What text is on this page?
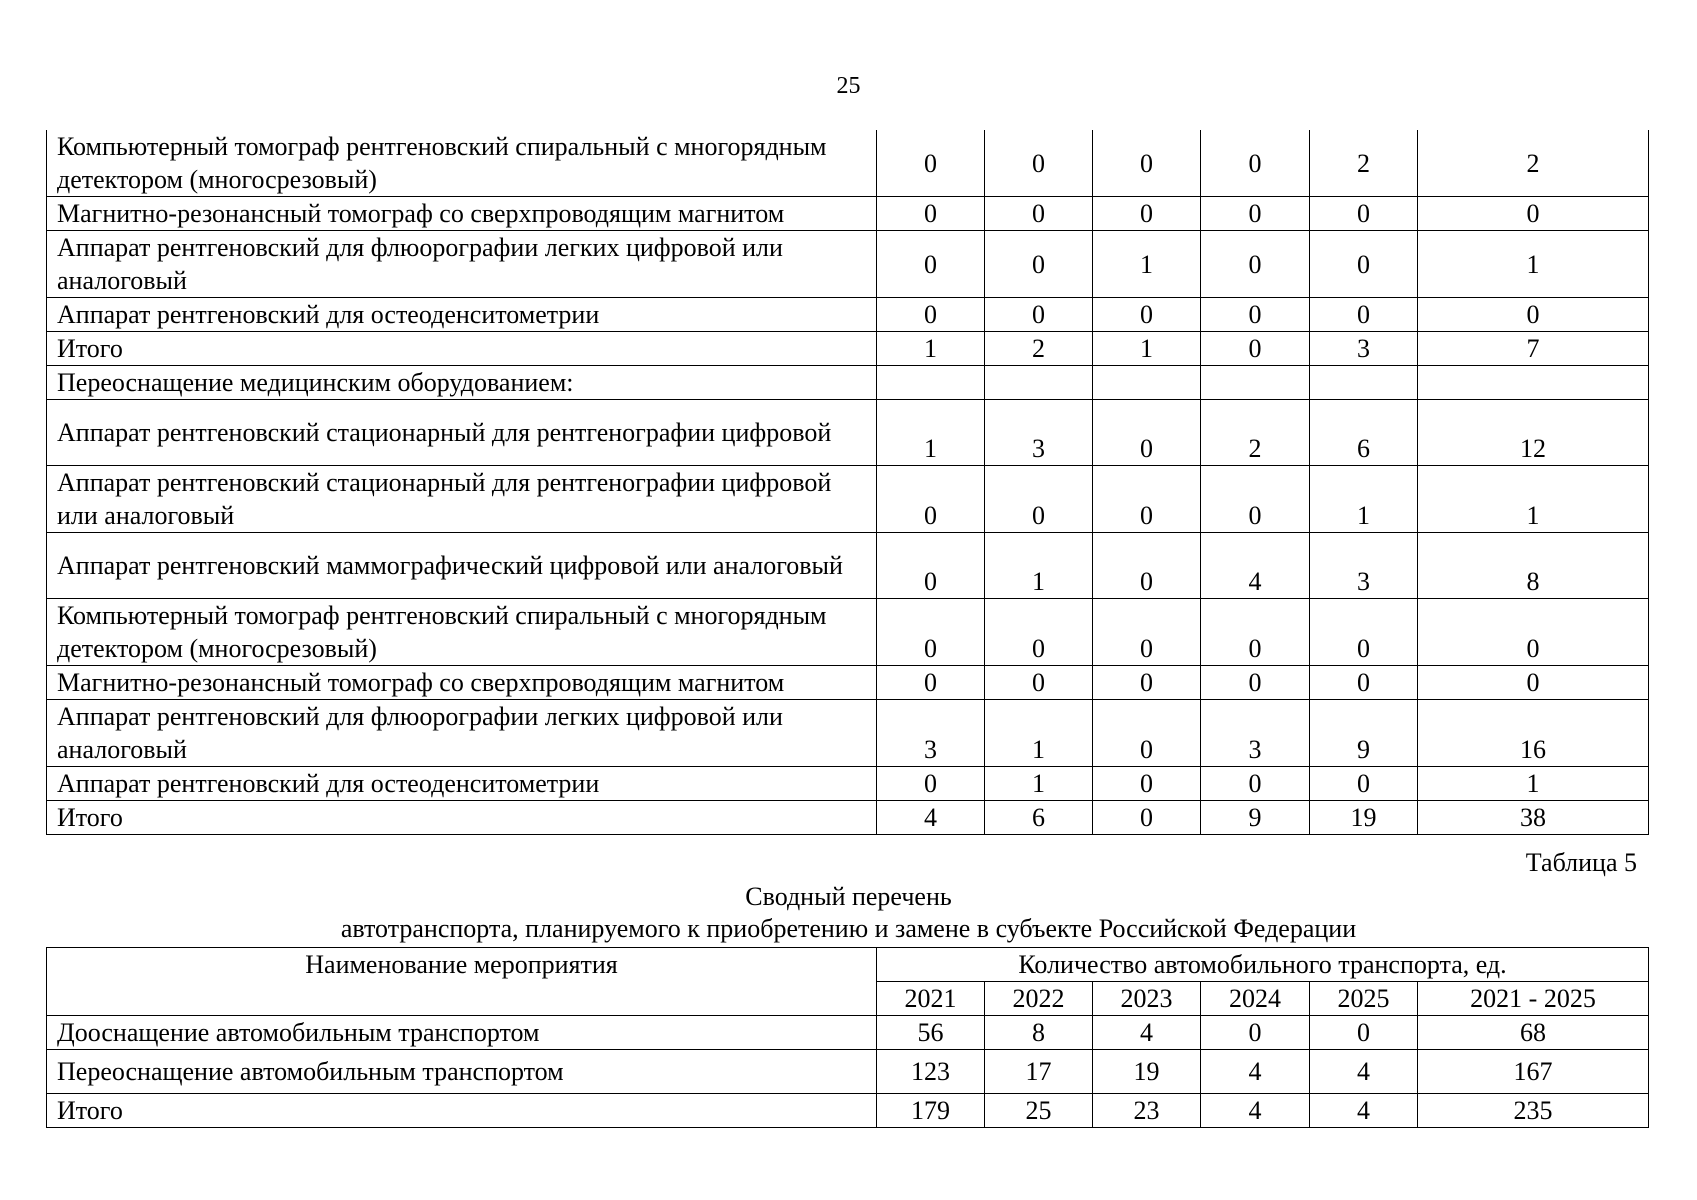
25
Компьютерный томограф рентгеновский спиральный с многорядным детектором (многосрезовый)	0	0	0	0	2	2
Магнитно-резонансный томограф со сверхпроводящим магнитом	0	0	0	0	0	0
Аппарат рентгеновский для флюорографии легких цифровой или аналоговый	0	0	1	0	0	1
Аппарат рентгеновский для остеоденситометрии	0	0	0	0	0	0
Итого	1	2	1	0	3	7
Переоснащение медицинским оборудованием:						
Аппарат рентгеновский стационарный для рентгенографии цифровой	1	3	0	2	6	12
Аппарат рентгеновский стационарный для рентгенографии цифровой или аналоговый	0	0	0	0	1	1
Аппарат рентгеновский маммографический цифровой или аналоговый	0	1	0	4	3	8
Компьютерный томограф рентгеновский спиральный с многорядным детектором (многосрезовый)	0	0	0	0	0	0
Магнитно-резонансный томограф со сверхпроводящим магнитом	0	0	0	0	0	0
Аппарат рентгеновский для флюорографии легких цифровой или аналоговый	3	1	0	3	9	16
Аппарат рентгеновский для остеоденситометрии	0	1	0	0	0	1
Итого	4	6	0	9	19	38
Таблица 5
Сводный перечень
автотранспорта, планируемого к приобретению и замене в субъекте Российской Федерации
Наименование мероприятия	Количество автомобильного транспорта, ед.					
	2021	2022	2023	2024	2025	2021 - 2025
Дооснащение автомобильным транспортом	56	8	4	0	0	68
Переоснащение автомобильным транспортом	123	17	19	4	4	167
Итого	179	25	23	4	4	235
